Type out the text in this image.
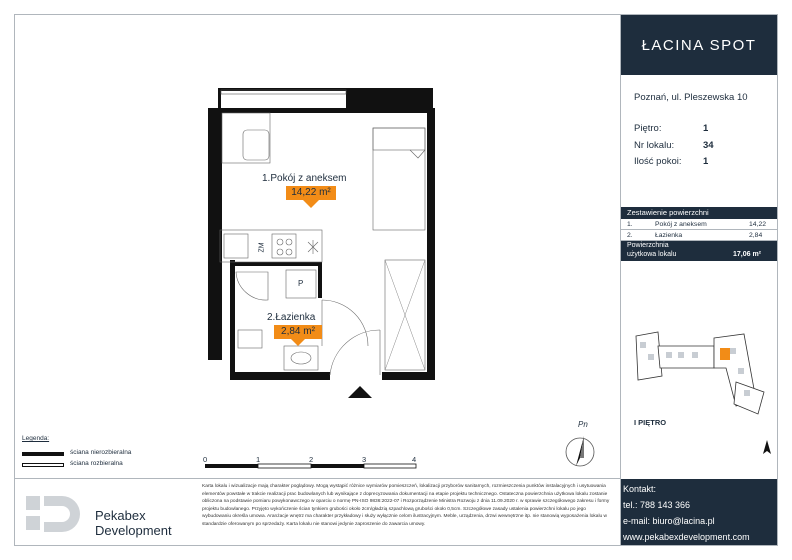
1.Pokój z aneksem
14,22 m²
2.Łazienka
2,84 m²
ZM
P
Legenda:
ściana nierozbieralna
ściana rozbieralna	0	1	2	3	4
Pn
ŁACINA SPOT
Poznań, ul. Pleszewska 10
Piętro:	1
Nr lokalu:	34
Ilość pokoi: 1
Zestawienie powierzchni
1.	Pokój z aneksem	14,22
2.	Łazienka	2,84
Powierzchnia
użytkowa lokalu	17,06 m²
I PIĘTRO
Kontakt:
tel.: 788 143 366
e-mail: biuro@lacina.pl
www.pekabexdevelopment.com
Pekabex
Development
Karta lokalu i wizualizacje mają charakter poglądowy. Mogą wystąpić różnice wymiarów pomieszczeń, lokalizacji przyborów sanitarnych, rozmieszczenia punktów instalacyjnych i usytuowania elementów powstałe w trakcie realizacji prac budowlanych lub wynikające z doprecyzowania dokumentacji na etapie projektu technicznego. Ostateczna powierzchnia użytkowa lokalu zostanie obliczona na podstawie pomiaru powykonawczego w oparciu o normę PN-ISO 9836:2022-07 i Rozporządzenie Ministra Rozwoju z dnia 11.09.2020 r. w sprawie szczegółowego zakresu i formy projektu budowlanego. Przyjęto wykończenie ścian tynkiem grubości około 2cm/gładzią szpachlową grubości około 0,5cm. Szczegółowe zasady ustalenia powierzchni lokalu po jego wybudowaniu określa umowa. Aranżacje wnętrz ma charakter przykładowy i służy wyłącznie celom ilustracyjnym. Meble, urządzenia, drzwi wewnętrzne itp. nie stanowią wyposażenia lokalu w standardzie oferowanym po sprzedaży. Karta lokalu nie stanowi jedynie zaproszenie do zawarcia umowy.
